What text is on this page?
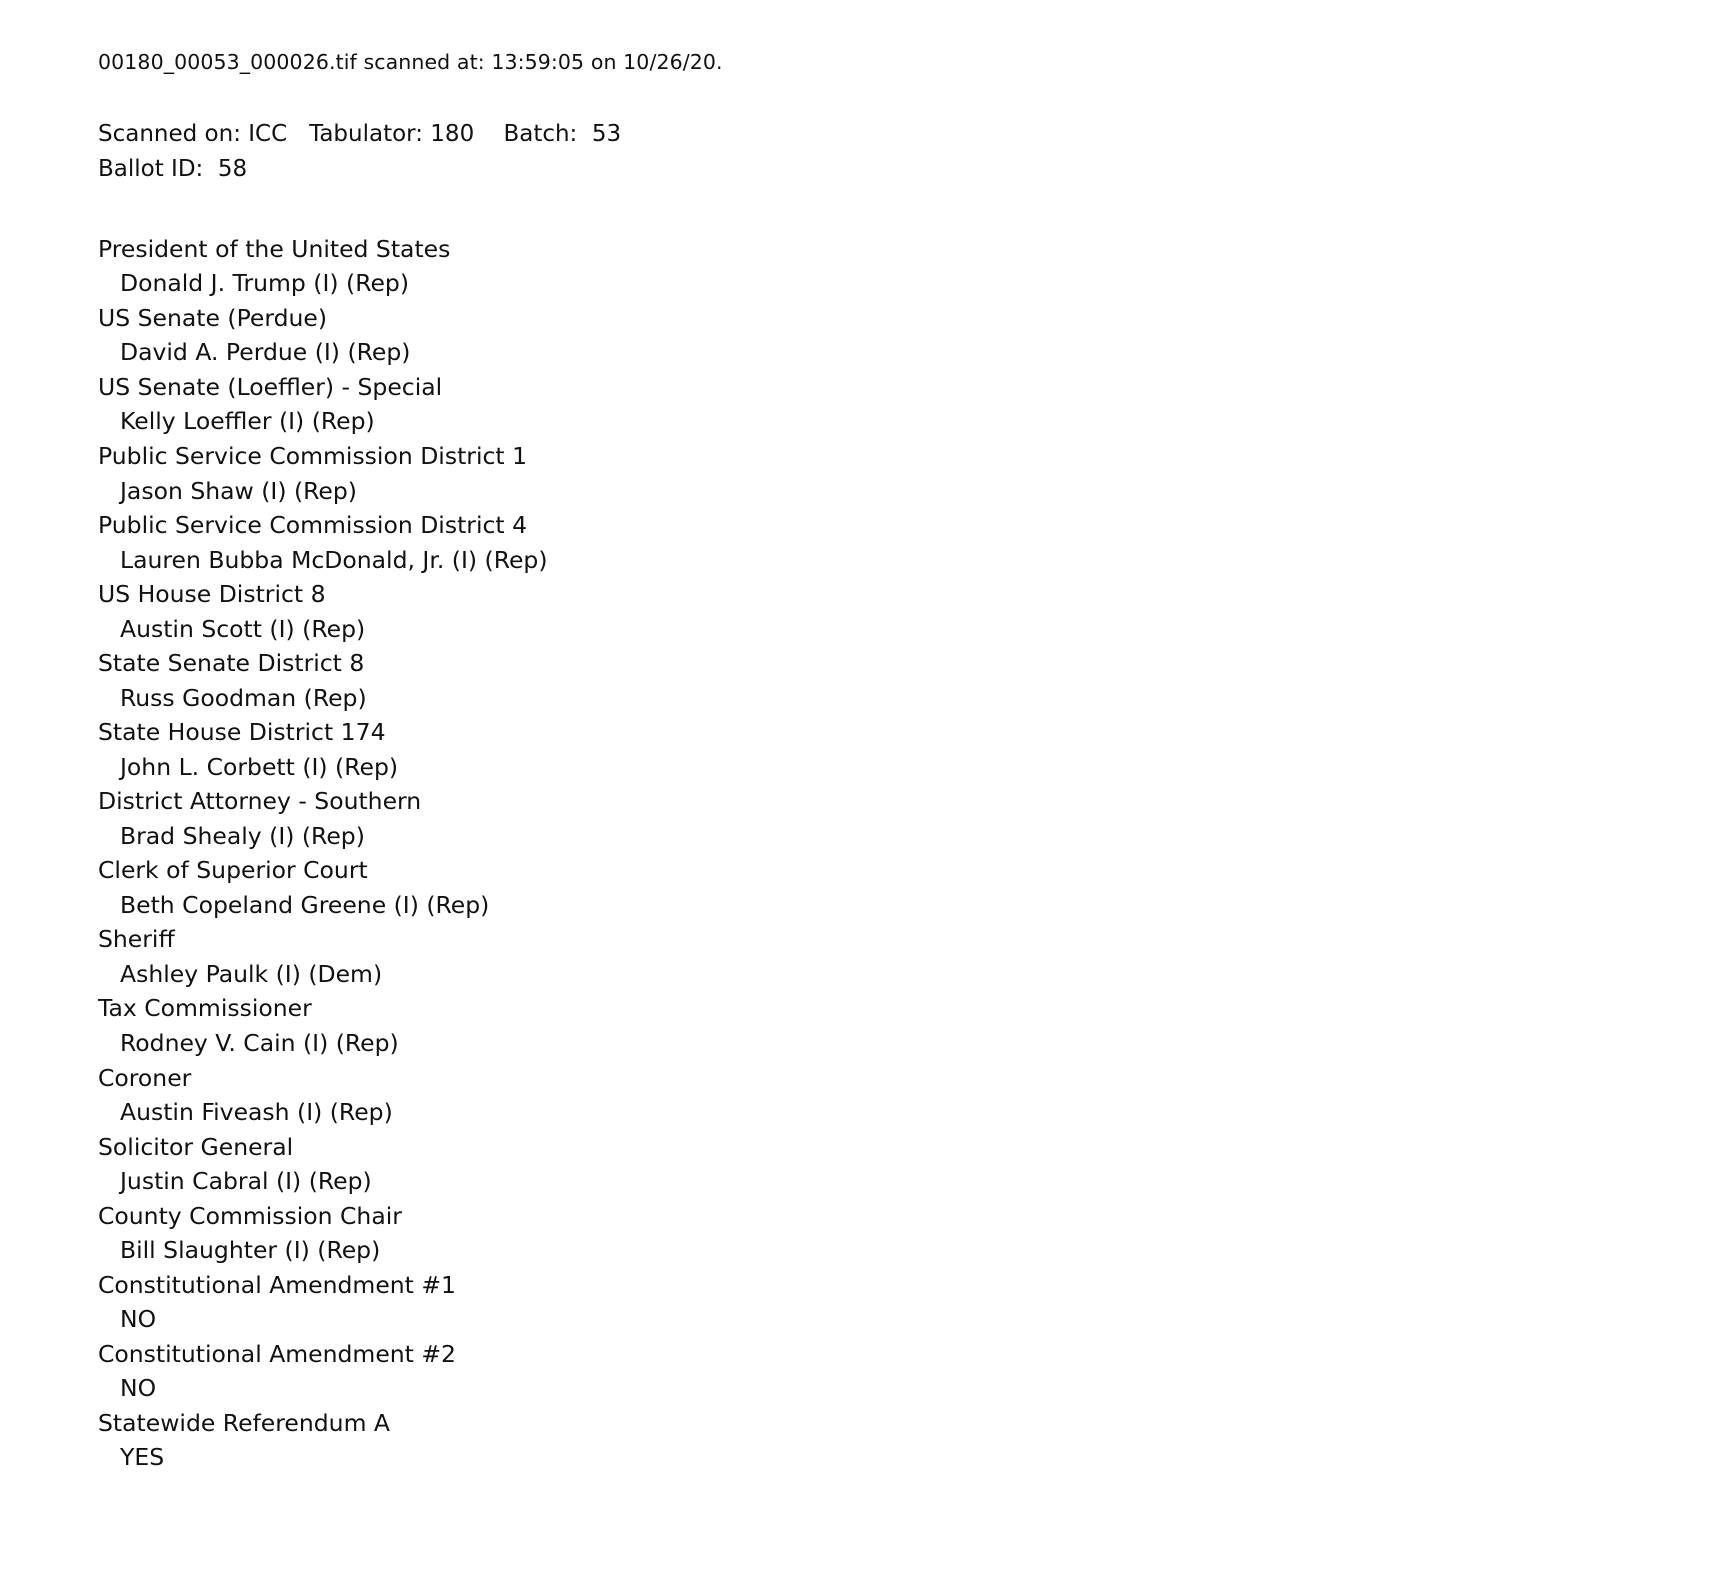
00180_00053_000026.tif scanned at: 13:59:05 on 10/26/20.
Scanned on: ICC   Tabulator: 180    Batch:  53
Ballot ID:  58
President of the United States
Donald J. Trump (I) (Rep)
US Senate (Perdue)
David A. Perdue (I) (Rep)
US Senate (Loeffler) - Special
Kelly Loeffler (I) (Rep)
Public Service Commission District 1
Jason Shaw (I) (Rep)
Public Service Commission District 4
Lauren Bubba McDonald, Jr. (I) (Rep)
US House District 8
Austin Scott (I) (Rep)
State Senate District 8
Russ Goodman (Rep)
State House District 174
John L. Corbett (I) (Rep)
District Attorney - Southern
Brad Shealy (I) (Rep)
Clerk of Superior Court
Beth Copeland Greene (I) (Rep)
Sheriff
Ashley Paulk (I) (Dem)
Tax Commissioner
Rodney V. Cain (I) (Rep)
Coroner
Austin Fiveash (I) (Rep)
Solicitor General
Justin Cabral (I) (Rep)
County Commission Chair
Bill Slaughter (I) (Rep)
Constitutional Amendment #1
NO
Constitutional Amendment #2
NO
Statewide Referendum A
YES
